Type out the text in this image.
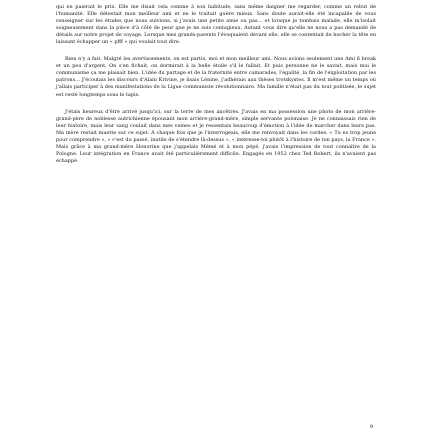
qui en paierait le prix. Elle me disait cela comme à son habitude, sans même daigner me regarder, comme un rebut de l'humanité. Elle détestait mon meilleur ami et ne le traitait guère mieux. Sans doute aurait-elle été incapable de vous renseigner sur les études que nous suivions, si j'avais une petite amie ou pas… et lorsque je tombais malade, elle m'isolait soigneusement dans la pièce d'à côté de peur que je ne sois contagieux. Autant vous dire qu'elle ne nous a pas demandé de détails sur notre projet de voyage. Lorsque mes grands-parents l'évoquaient devant elle, elle se contentait de hocher la tête en laissant échapper un « pfff » qui voulait tout dire.

Rien n'y a fait. Malgré les avertissements, on est partis, moi et mon meilleur ami. Nous avions seulement une Ami 6 break et un peu d'argent. On s'en fichait, on dormirait à la belle étoile s'il le fallait. Et puis personne ne le savait, mais moi le communisme ça me plaisait bien. L'idée du partage et de la fraternité entre camarades, l'égalité, la fin de l'exploitation par les patrons… J'écoutais les discours d'Alain Krivine, je lisais Lénine, j'adhérais aux thèses trotskystes. Il m'est même un temps où j'allais participer à des manifestations de la Ligue communiste révolutionnaire. Ma famille n'était pas du tout politisée, le sujet est resté longtemps sous le tapis.

J'étais heureux d'être arrivé jusqu'ici, sur la terre de mes ancêtres. J'avais en ma possession une photo de mon arrière-grand-père de noblesse autrichienne épousant mon arrière-grand-mère, simple servante polonaise. Je ne connaissais rien de leur histoire, mais leur sang coulait dans mes veines et je ressentais beaucoup d'émotion à l'idée de marcher dans leurs pas. Ma mère restait muette sur ce sujet. À chaque fois que je l'interrogeais, elle me renvoyait dans les cordes. « Tu es trop jeune pour comprendre », « c'est du passé, inutile de s'étendre là-dessus », « intéresse-toi plutôt à l'histoire de ton pays, la France ». Mais grâce à ma grand-mère Honorine que j'appelais Mémé et à mon pépé, j'avais l'impression de tout connaître de la Pologne. Leur intégration en France avait été particulièrement difficile. Engagés en 1952 chez Ted Robert, ils n'avaient pas échappé

9
